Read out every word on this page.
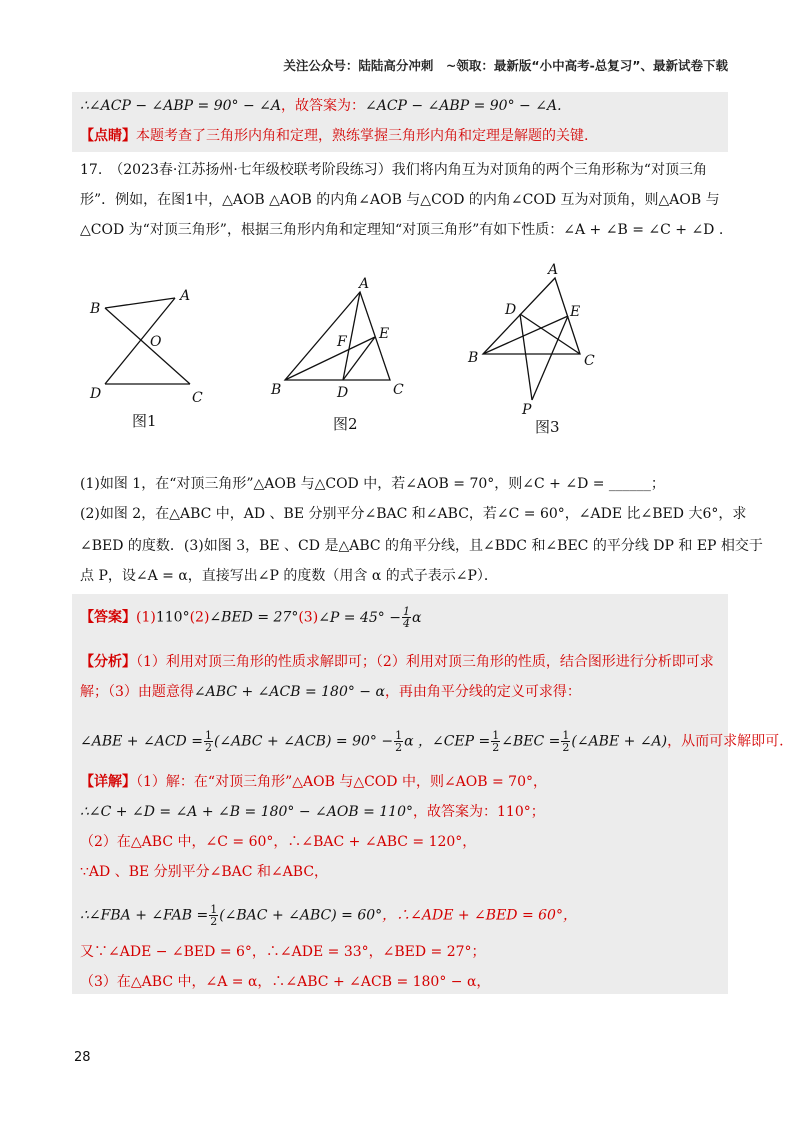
关注公众号：陆陆高分冲刺　~领取：最新版“小中高考-总复习”、最新试卷下载
∴∠ACP − ∠ABP = 90° − ∠A，故答案为：∠ACP − ∠ABP = 90° − ∠A.
【点睛】本题考查了三角形内角和定理，熟练掌握三角形内角和定理是解题的关键.
17.　（2023春·江苏扬州·七年级校联考阶段练习）我们将内角互为对顶角的两个三角形称为“对顶三角
形”．例如，在图1中，△AOB △AOB 的内角∠AOB 与△COD 的内角∠COD 互为对顶角，则△AOB 与
△COD 为“对顶三角形”，根据三角形内角和定理知“对顶三角形”有如下性质：∠A + ∠B = ∠C + ∠D .
B
A
O
D	C
图1
A
F E
B	D	C
图2
A
D	E
B	C
P
图3
(1)如图 1，在“对顶三角形”△AOB 与△COD 中，若∠AOB = 70°，则∠C + ∠D = ______；
(2)如图 2，在△ABC 中，AD 、BE 分别平分∠BAC 和∠ABC，若∠C = 60°，∠ADE 比∠BED 大6°，求
∠BED 的度数．(3)如图 3，BE 、CD 是△ABC 的角平分线，且∠BDC 和∠BEC 的平分线 DP 和 EP 相交于
点 P，设∠A = α，直接写出∠P 的度数（用含 α 的式子表示∠P）．
【答案】(1)110°(2)∠BED = 27°(3)∠P = $45^\circ - \frac{1}{4}$ α
【分析】（1）利用对顶三角形的性质求解即可；（2）利用对顶三角形的性质，结合图形进行分析即可求
解；（3）由题意得∠ABC + ∠ACB = 180° − α，再由角平分线的定义可求得：
∠ABE + ∠ACD = $\frac{1}{2}$ (∠ABC + ∠ACB) = $90^\circ - \frac{1}{2}$ α ，∠CEP = $\frac{1}{2}$ ∠BEC = $\frac{1}{2}$ (∠ABE + ∠A)，从而可求解即可.
【详解】（1）解：在“对顶三角形”△AOB 与△COD 中，则∠AOB = 70°，
∴∠C + ∠D = ∠A + ∠B = 180° − ∠AOB = 110°，故答案为：110°；
（2）在△ABC 中，∠C = 60°，∴∠BAC + ∠ABC = 120°，
∵AD 、BE 分别平分∠BAC 和∠ABC，
∴∠FBA + ∠FAB = $\frac{1}{2}$ (∠BAC + ∠ABC) = 60°，∴∠ADE + ∠BED = 60°，
又∵∠ADE − ∠BED = 6°，∴∠ADE = 33°，∠BED = 27°；
（3）在△ABC 中，∠A = α，∴∠ABC + ∠ACB = 180° − α，
28
